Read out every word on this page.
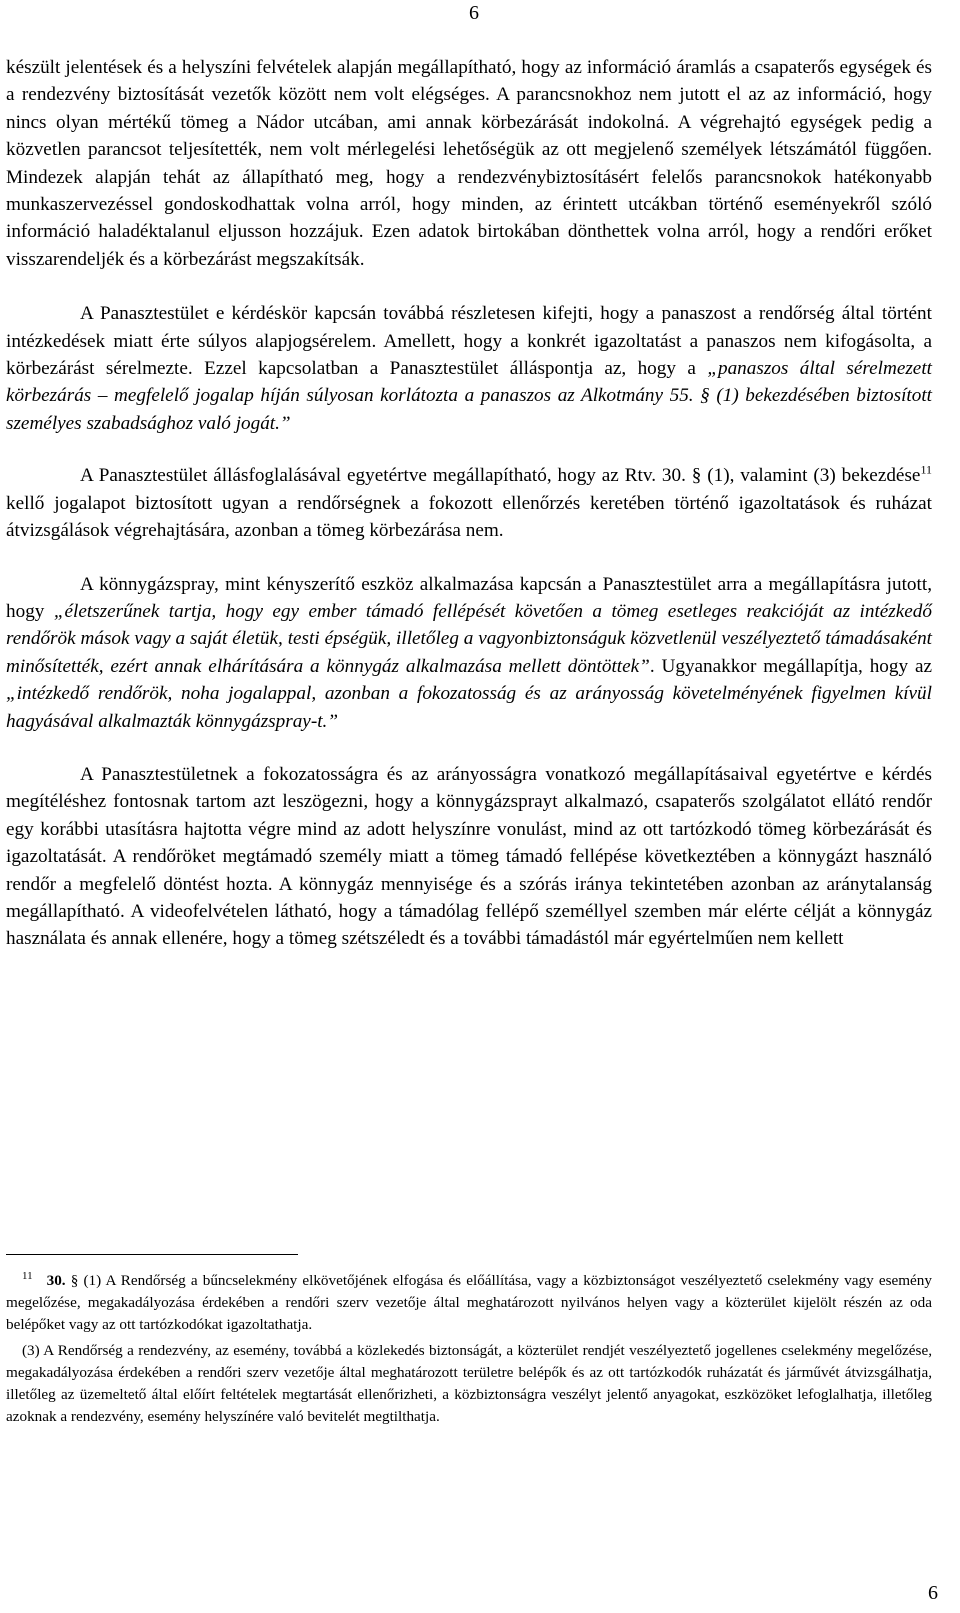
6

készült jelentések és a helyszíni felvételek alapján megállapítható, hogy az információ áramlás a csapaterős egységek és a rendezvény biztosítását vezetők között nem volt elégséges. A parancsnokhoz nem jutott el az az információ, hogy nincs olyan mértékű tömeg a Nádor utcában, ami annak körbezárását indokolná. A végrehajtó egységek pedig a közvetlen parancsot teljesítették, nem volt mérlegelési lehetőségük az ott megjelenő személyek létszámától függően. Mindezek alapján tehát az állapítható meg, hogy a rendezvénybiztosításért felelős parancsnokok hatékonyabb munkaszervezéssel gondoskodhattak volna arról, hogy minden, az érintett utcákban történő eseményekről szóló információ haladéktalanul eljusson hozzájuk. Ezen adatok birtokában dönthettek volna arról, hogy a rendőri erőket visszarendeljék és a körbezárást megszakítsák.

A Panasztestület e kérdéskör kapcsán továbbá részletesen kifejti, hogy a panaszost a rendőrség által történt intézkedések miatt érte súlyos alapjogsérelem. Amellett, hogy a konkrét igazoltatást a panaszos nem kifogásolta, a körbezárást sérelmezte. Ezzel kapcsolatban a Panasztestület álláspontja az, hogy a „panaszos által sérelmezett körbezárás – megfelelő jogalap híján súlyosan korlátozta a panaszos az Alkotmány 55. § (1) bekezdésében biztosított személyes szabadsághoz való jogát.”

A Panasztestület állásfoglalásával egyetértve megállapítható, hogy az Rtv. 30. § (1), valamint (3) bekezdése$^{11}$ kellő jogalapot biztosított ugyan a rendőrségnek a fokozott ellenőrzés keretében történő igazoltatások és ruházat átvizsgálások végrehajtására, azonban a tömeg körbezárása nem.

A könnygázspray, mint kényszerítő eszköz alkalmazása kapcsán a Panasztestület arra a megállapításra jutott, hogy „életszerűnek tartja, hogy egy ember támadó fellépését követően a tömeg esetleges reakcióját az intézkedő rendőrök mások vagy a saját életük, testi épségük, illetőleg a vagyonbiztonságuk közvetlenül veszélyeztető támadásaként minősítették, ezért annak elhárítására a könnygáz alkalmazása mellett döntöttek”. Ugyanakkor megállapítja, hogy az „intézkedő rendőrök, noha jogalappal, azonban a fokozatosság és az arányosság követelményének figyelmen kívül hagyásával alkalmazták könnygázspray-t.”

A Panasztestületnek a fokozatosságra és az arányosságra vonatkozó megállapításaival egyetértve e kérdés megítéléshez fontosnak tartom azt leszögezni, hogy a könnygázsprayt alkalmazó, csapaterős szolgálatot ellátó rendőr egy korábbi utasításra hajtotta végre mind az adott helyszínre vonulást, mind az ott tartózkodó tömeg körbezárását és igazoltatását. A rendőröket megtámadó személy miatt a tömeg támadó fellépése következtében a könnygázt használó rendőr a megfelelő döntést hozta. A könnygáz mennyisége és a szórás iránya tekintetében azonban az aránytalanság megállapítható. A videofelvételen látható, hogy a támadólag fellépő személlyel szemben már elérte célját a könnygáz használata és annak ellenére, hogy a tömeg szétszéledt és a további támadástól már egyértelműen nem kellett

$^{11}$ 30. § (1) A Rendőrség a bűncselekmény elkövetőjének elfogása és előállítása, vagy a közbiztonságot veszélyeztető cselekmény vagy esemény megelőzése, megakadályozása érdekében a rendőri szerv vezetője által meghatározott nyilvános helyen vagy a közterület kijelölt részén az oda belépőket vagy az ott tartózkodókat igazoltathatja.

(3) A Rendőrség a rendezvény, az esemény, továbbá a közlekedés biztonságát, a közterület rendjét veszélyeztető jogellenes cselekmény megelőzése, megakadályozása érdekében a rendőri szerv vezetője által meghatározott területre belépők és az ott tartózkodók ruházatát és járművét átvizsgálhatja, illetőleg az üzemeltető által előírt feltételek megtartását ellenőrizheti, a közbiztonságra veszélyt jelentő anyagokat, eszközöket lefoglalhatja, illetőleg azoknak a rendezvény, esemény helyszínére való bevitelét megtilthatja.

6
